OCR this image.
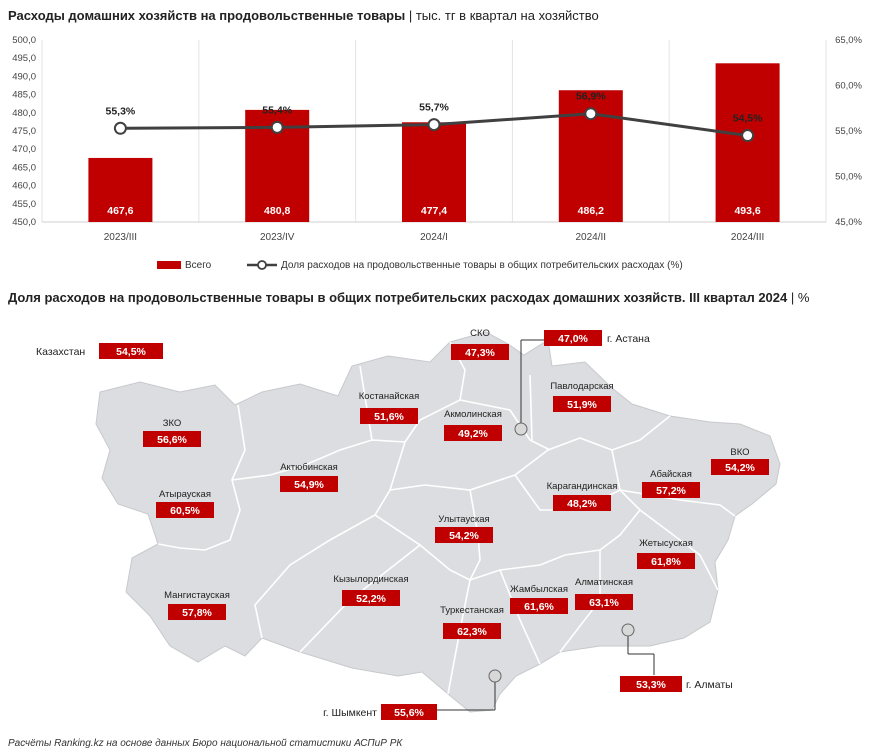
Расходы домашних хозяйств на продовольственные товары | тыс. тг в квартал на хозяйство
450,0
455,0
460,0
465,0
470,0
475,0
480,0
485,0
490,0
495,0
500,0
45,0%
50,0%
55,0%
60,0%
65,0%
2023/III	2023/IV	2024/I	2024/II	2024/III
467,6	480,8	477,4	486,2	493,6
55,3%	55,4%	55,7%
56,9%
54,5%
Всего	Доля расходов на продовольственные товары в общих потребительских расходах (%)
Доля расходов на продовольственные товары в общих потребительских расходах домашних хозяйств. III квартал 2024 | %
СКО
47,3%
Костанайская
51,6%	Акмолинская
49,2%
Павлодарская
51,9%
ЗКО
56,6%
ВКО
54,2%
Актюбинская
54,9%
Атырауская
60,5%
Абайская
57,2%
Карагандинская
48,2%
Улытауская
54,2%
Жетысуская
61,8%
Мангистауская
57,8%
Кызылординская
52,2%
Жамбылская
61,6%
Алматинская
63,1%
Туркестанская
62,3%
Казахстан	54,5%
47,0% г. Астана
53,3% г. Алматы
55,6%
г. Шымкент
Расчёты Ranking.kz на основе данных Бюро национальной статистики АСПиР РК
